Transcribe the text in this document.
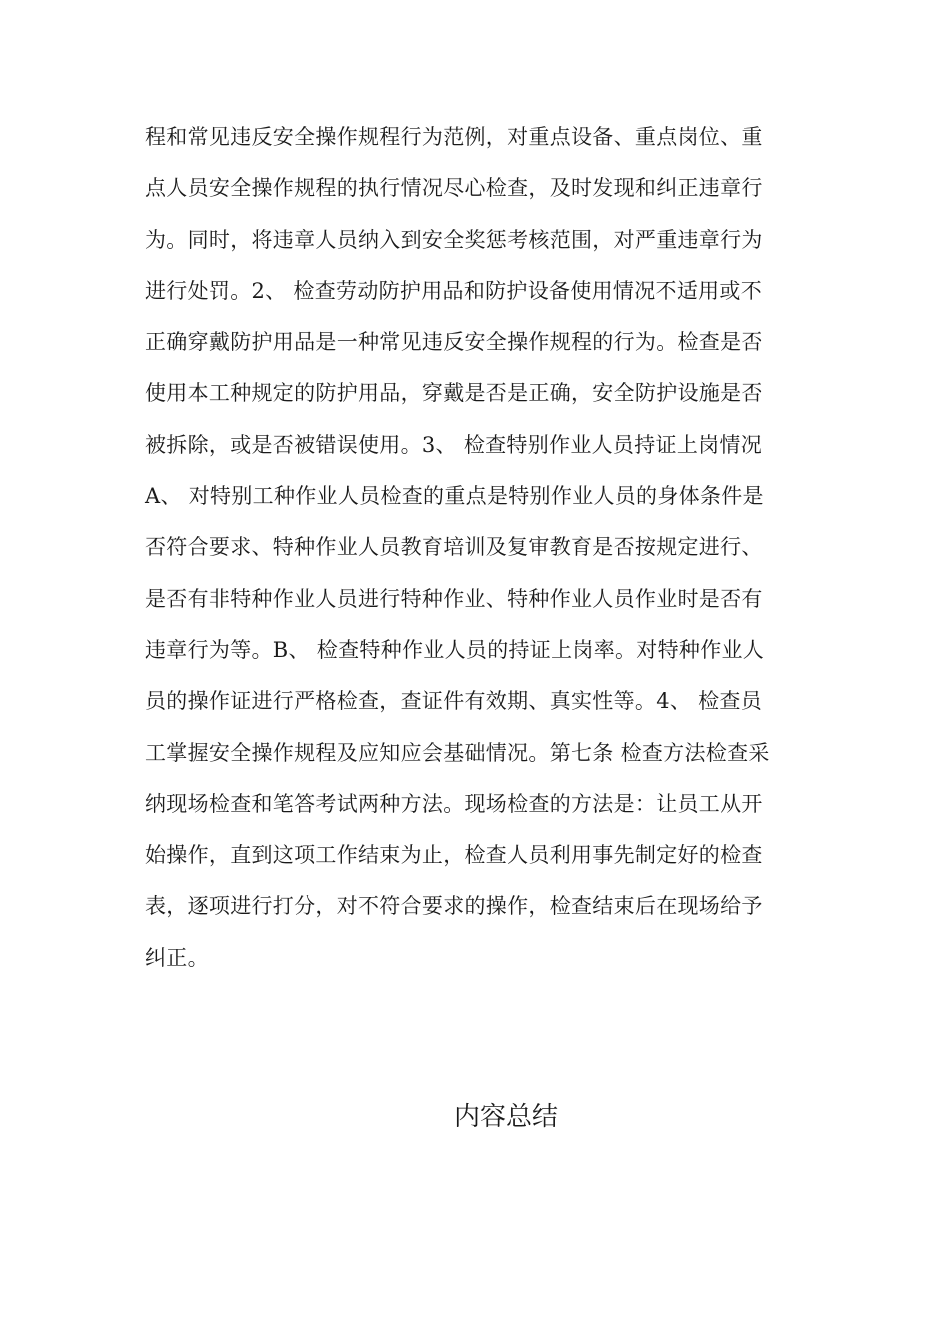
程和常见违反安全操作规程行为范例，对重点设备、重点岗位、重
点人员安全操作规程的执行情况尽心检查，及时发现和纠正违章行
为。同时，将违章人员纳入到安全奖惩考核范围，对严重违章行为
进行处罚。2、 检查劳动防护用品和防护设备使用情况不适用或不
正确穿戴防护用品是一种常见违反安全操作规程的行为。检查是否
使用本工种规定的防护用品，穿戴是否是正确，安全防护设施是否
被拆除，或是否被错误使用。3、 检查特别作业人员持证上岗情况
A、 对特别工种作业人员检查的重点是特别作业人员的身体条件是
否符合要求、特种作业人员教育培训及复审教育是否按规定进行、
是否有非特种作业人员进行特种作业、特种作业人员作业时是否有
违章行为等。B、 检查特种作业人员的持证上岗率。对特种作业人
员的操作证进行严格检查，查证件有效期、真实性等。4、 检查员
工掌握安全操作规程及应知应会基础情况。第七条 检查方法检查采
纳现场检查和笔答考试两种方法。现场检查的方法是：让员工从开
始操作，直到这项工作结束为止，检查人员利用事先制定好的检查
表，逐项进行打分，对不符合要求的操作，检查结束后在现场给予
纠正。
内容总结
